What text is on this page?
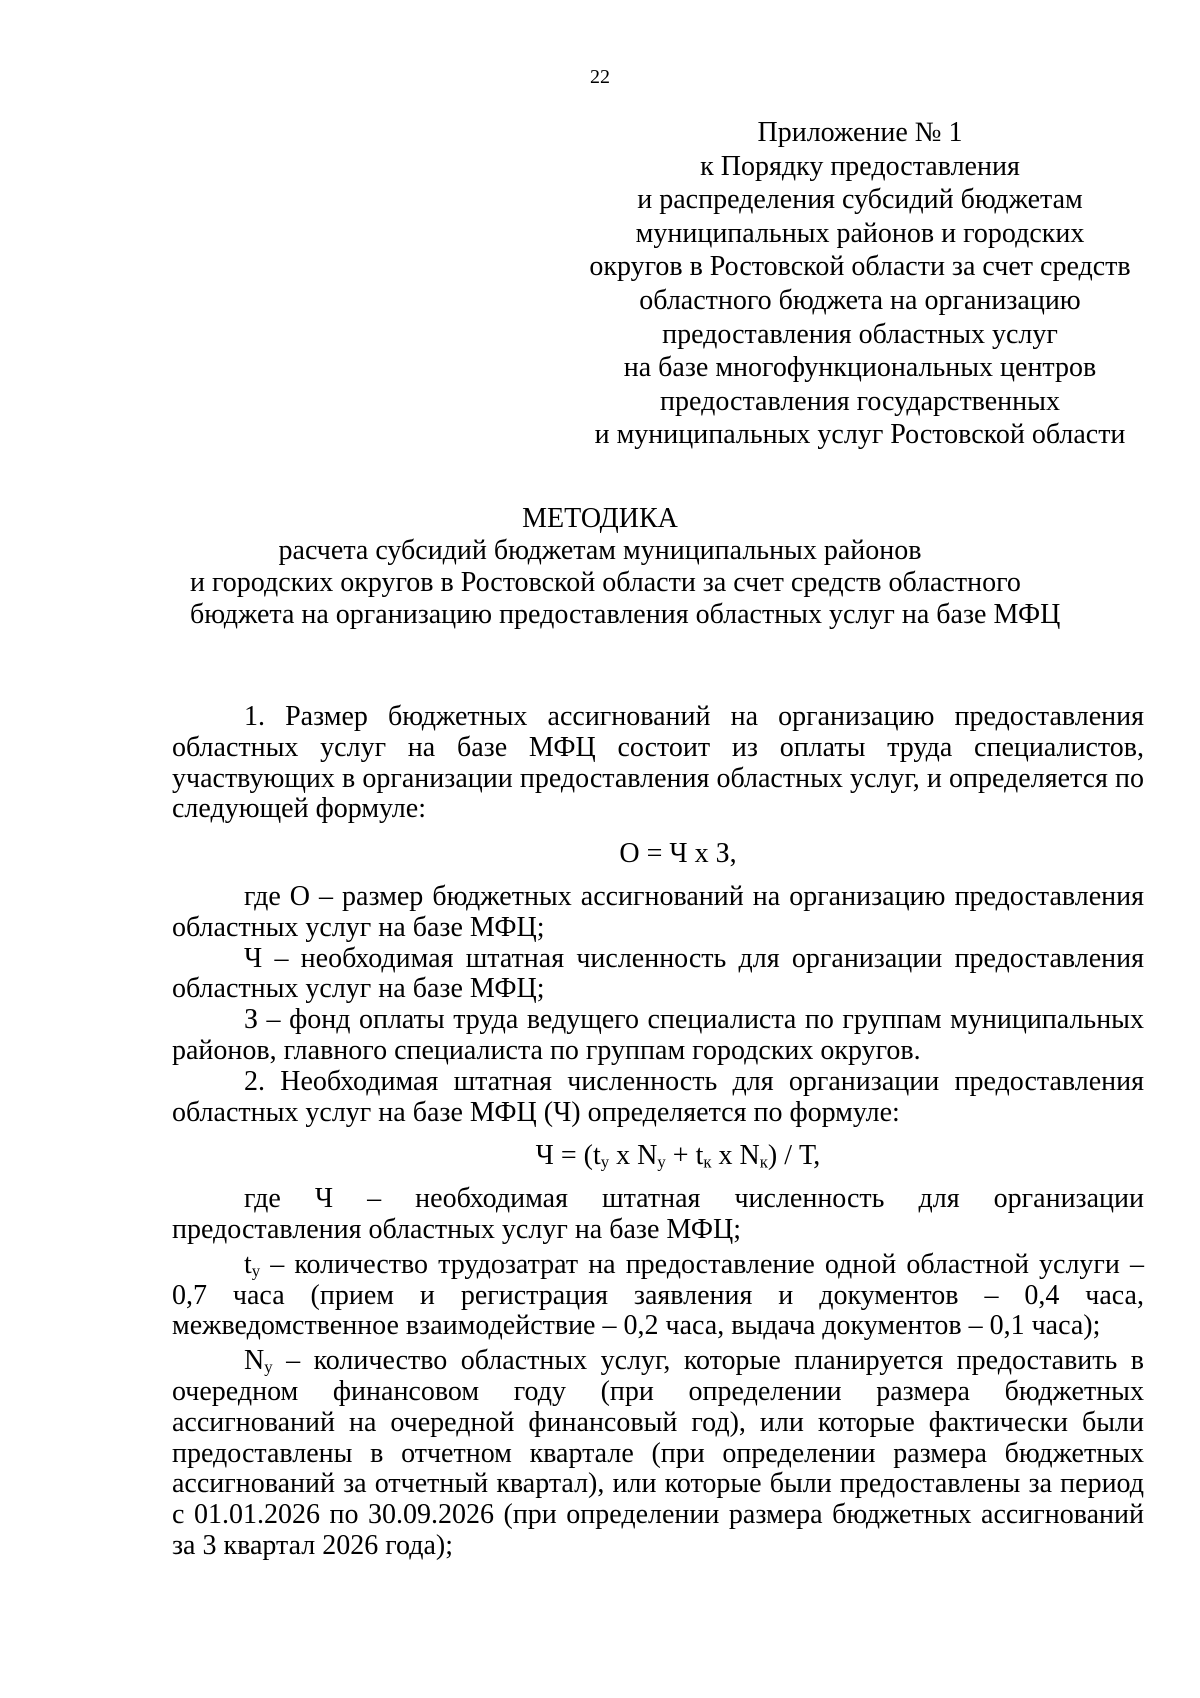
22
Приложение № 1
к Порядку предоставления
и распределения субсидий бюджетам
муниципальных районов и городских
округов в Ростовской области за счет средств
областного бюджета на организацию
предоставления областных услуг
на базе многофункциональных центров
предоставления государственных
и муниципальных услуг Ростовской области
МЕТОДИКА
расчета субсидий бюджетам муниципальных районов
и городских округов в Ростовской области за счет средств областного
бюджета на организацию предоставления областных услуг на базе МФЦ

1. Размер бюджетных ассигнований на организацию предоставления областных услуг на базе МФЦ состоит из оплаты труда специалистов, участвующих в организации предоставления областных услуг, и определяется по следующей формуле:

О = Ч х З,

где О – размер бюджетных ассигнований на организацию предоставления областных услуг на базе МФЦ;

Ч – необходимая штатная численность для организации предоставления областных услуг на базе МФЦ;

З – фонд оплаты труда ведущего специалиста по группам муниципальных районов, главного специалиста по группам городских округов.

2. Необходимая штатная численность для организации предоставления областных услуг на базе МФЦ (Ч) определяется по формуле:

$Ч = (t_у$ х $N_у + t_к$ х $N_к$) / Т,

где Ч – необходимая штатная численность для организации предоставления областных услуг на базе МФЦ;

$t_у$ – количество трудозатрат на предоставление одной областной услуги – 0,7 часа (прием и регистрация заявления и документов – 0,4 часа, межведомственное взаимодействие – 0,2 часа, выдача документов – 0,1 часа);

$N_у$ – количество областных услуг, которые планируется предоставить в очередном финансовом году (при определении размера бюджетных ассигнований на очередной финансовый год), или которые фактически были предоставлены в отчетном квартале (при определении размера бюджетных ассигнований за отчетный квартал), или которые были предоставлены за период с 01.01.2026 по 30.09.2026 (при определении размера бюджетных ассигнований за 3 квартал 2026 года);
